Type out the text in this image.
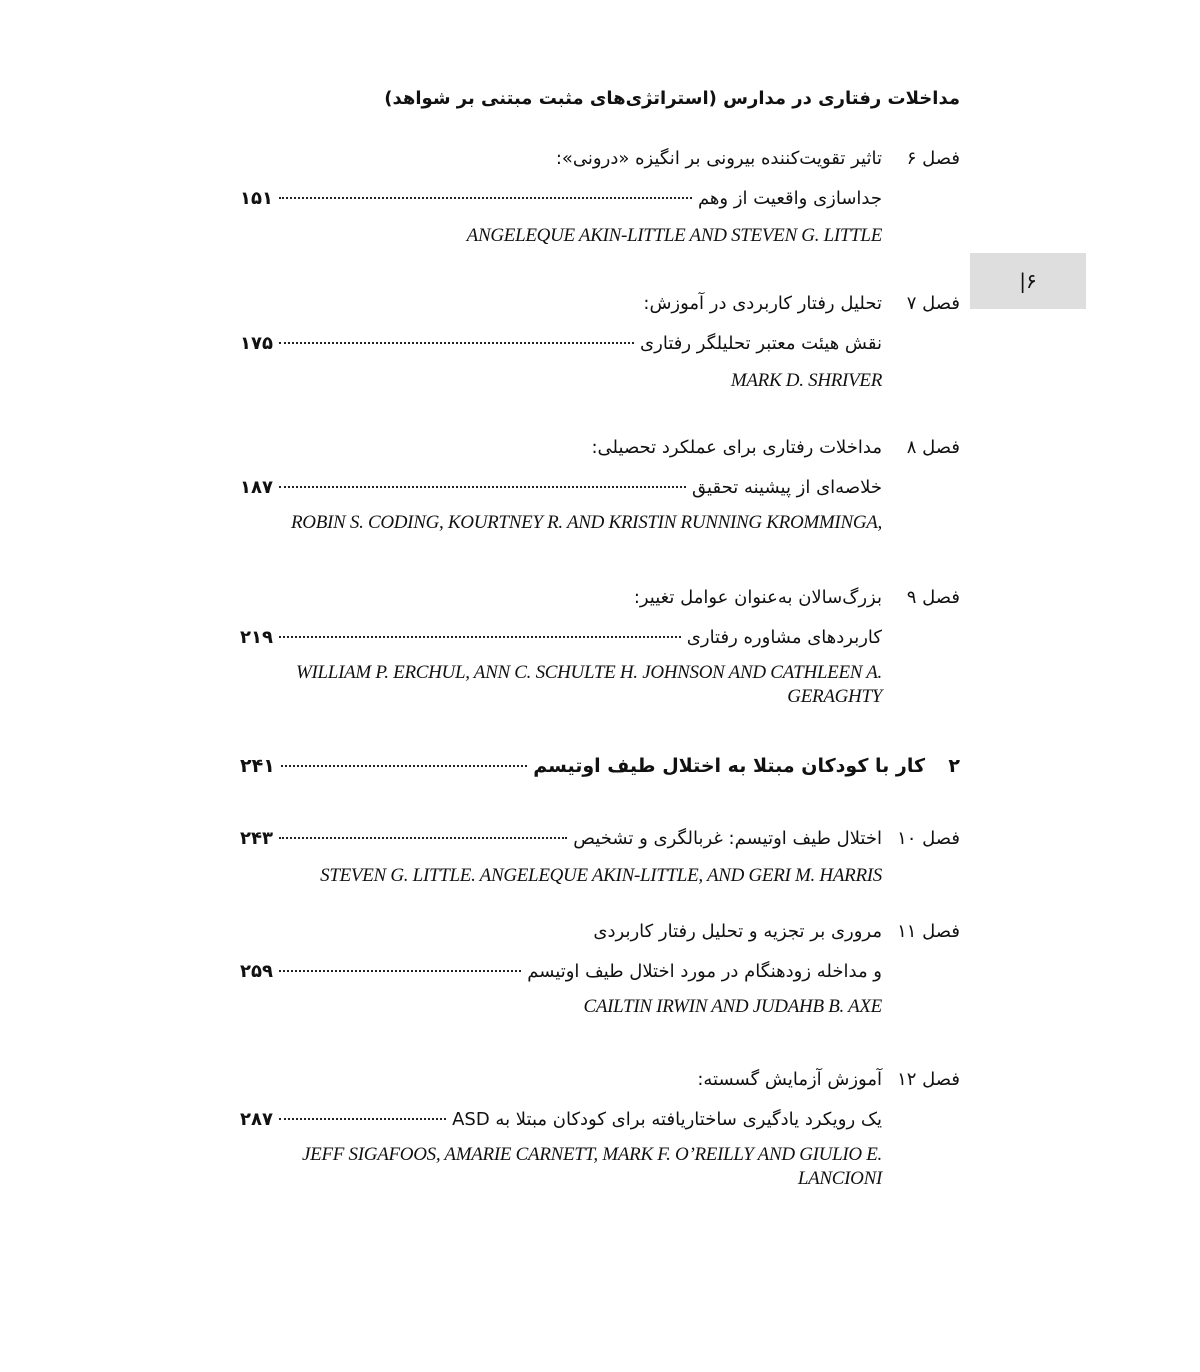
مداخلات رفتاری در مدارس (استراتژی‌های مثبت مبتنی بر شواهد)
۶|
فصل ۶
تاثیر تقویت‌کننده بیرونی بر انگیزه «درونی»:
جداسازی واقعیت از وهم
۱۵۱
ANGELEQUE AKIN-LITTLE AND STEVEN G. LITTLE
فصل ۷
تحلیل رفتار کاربردی در آموزش:
نقش هیئت معتبر تحلیلگر رفتاری
۱۷۵
MARK D. SHRIVER
فصل ۸
مداخلات رفتاری برای عملکرد تحصیلی:
خلاصه‌ای از پیشینه تحقیق
۱۸۷
ROBIN S. CODING, KOURTNEY R. AND KRISTIN RUNNING KROMMINGA,
فصل ۹
بزرگ‌سالان به‌عنوان عوامل تغییر:
کاربردهای مشاوره رفتاری
۲۱۹
WILLIAM P. ERCHUL, ANN C. SCHULTE H. JOHNSON AND CATHLEEN A. GERAGHTY
۲
کار با کودکان مبتلا به اختلال طیف اوتیسم
۲۴۱
فصل ۱۰
اختلال طیف اوتیسم: غربالگری و تشخیص
۲۴۳
STEVEN G. LITTLE. ANGELEQUE AKIN-LITTLE, AND GERI M. HARRIS
فصل ۱۱
مروری بر تجزیه و تحلیل رفتار کاربردی
و مداخله زودهنگام در مورد اختلال طیف اوتیسم
۲۵۹
CAILTIN IRWIN AND JUDAHB B. AXE
فصل ۱۲
آموزش آزمایش گسسته:
یک رویکرد یادگیری ساختاریافته برای کودکان مبتلا به ASD
۲۸۷
JEFF SIGAFOOS, AMARIE CARNETT, MARK F. O’REILLY AND GIULIO E. LANCIONI
